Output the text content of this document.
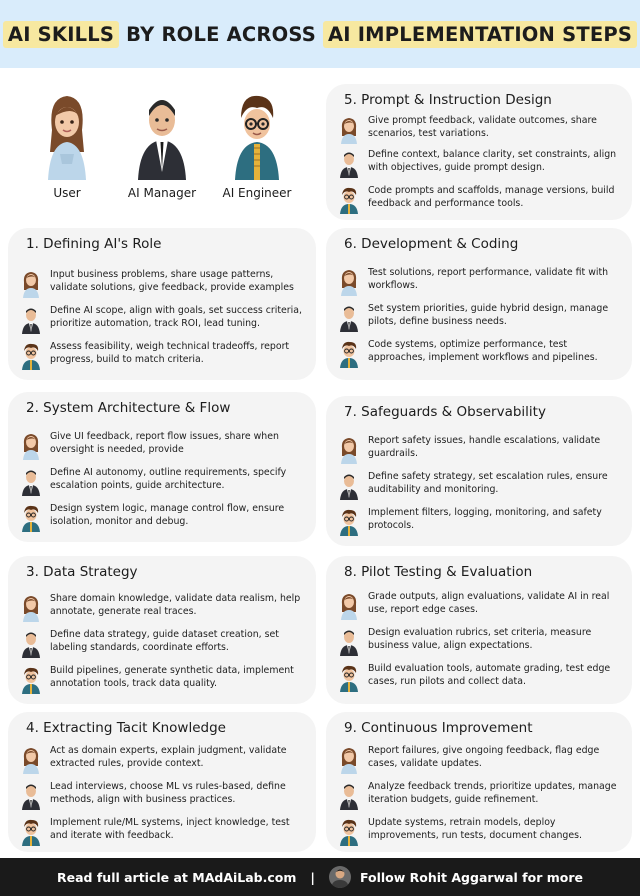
AI SKILLS BY ROLE ACROSS AI IMPLEMENTATION STEPS
User	AI Manager	AI Engineer
1. Defining AI's Role
Input business problems, share usage patterns, validate solutions, give feedback, provide examples
Define AI scope, align with goals, set success criteria, prioritize automation, track ROI, lead tuning.
Assess feasibility, weigh technical tradeoffs, report progress, build to match criteria.
2. System Architecture & Flow
Give UI feedback, report flow issues, share when oversight is needed, provide
Define AI autonomy, outline requirements, specify escalation points, guide architecture.
Design system logic, manage control flow, ensure isolation, monitor and debug.
3. Data Strategy
Share domain knowledge, validate data realism, help annotate, generate real traces.
Define data strategy, guide dataset creation, set labeling standards, coordinate efforts.
Build pipelines, generate synthetic data, implement annotation tools, track data quality.
4. Extracting Tacit Knowledge
Act as domain experts, explain judgment, validate extracted rules, provide context.
Lead interviews, choose ML vs rules-based, define methods, align with business practices.
Implement rule/ML systems, inject knowledge, test and iterate with feedback.
5. Prompt & Instruction Design
Give prompt feedback, validate outcomes, share scenarios, test variations.
Define context, balance clarity, set constraints, align with objectives, guide prompt design.
Code prompts and scaffolds, manage versions, build feedback and performance tools.
6. Development & Coding
Test solutions, report performance, validate fit with workflows.
Set system priorities, guide hybrid design, manage pilots, define business needs.
Code systems, optimize performance, test approaches, implement workflows and pipelines.
7. Safeguards & Observability
Report safety issues, handle escalations, validate guardrails.
Define safety strategy, set escalation rules, ensure auditability and monitoring.
Implement filters, logging, monitoring, and safety protocols.
8. Pilot Testing & Evaluation
Grade outputs, align evaluations, validate AI in real use, report edge cases.
Design evaluation rubrics, set criteria, measure business value, align expectations.
Build evaluation tools, automate grading, test edge cases, run pilots and collect data.
9. Continuous Improvement
Report failures, give ongoing feedback, flag edge cases, validate updates.
Analyze feedback trends, prioritize updates, manage iteration budgets, guide refinement.
Update systems, retrain models, deploy improvements, run tests, document changes.
Read full article at MAdAiLab.com |	Follow Rohit Aggarwal for more
